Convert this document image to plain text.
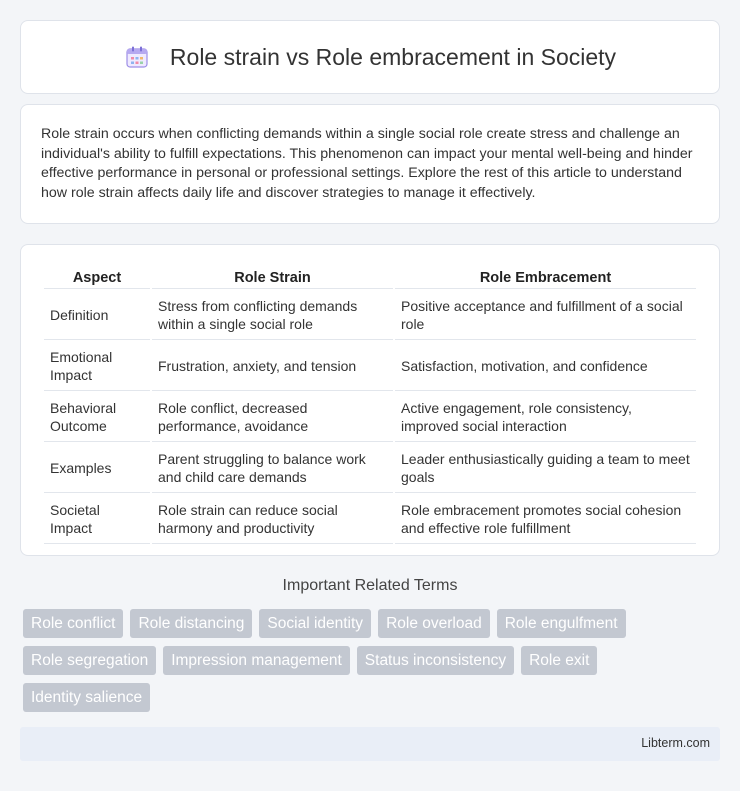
Role strain vs Role embracement in Society

Role strain occurs when conflicting demands within a single social role create stress and challenge an individual's ability to fulfill expectations. This phenomenon can impact your mental well-being and hinder effective performance in personal or professional settings. Explore the rest of this article to understand how role strain affects daily life and discover strategies to manage it effectively.

Aspect	Role Strain	Role Embracement
Definition	Stress from conflicting demands within a single social role	Positive acceptance and fulfillment of a social role
Emotional Impact	Frustration, anxiety, and tension	Satisfaction, motivation, and confidence
Behavioral Outcome	Role conflict, decreased performance, avoidance	Active engagement, role consistency, improved social interaction
Examples	Parent struggling to balance work and child care demands	Leader enthusiastically guiding a team to meet goals
Societal Impact	Role strain can reduce social harmony and productivity	Role embracement promotes social cohesion and effective role fulfillment
Important Related Terms
Role conflict	Role distancing	Social identity	Role overload	Role engulfment
Role segregation	Impression management	Status inconsistency	Role exit
Identity salience
Libterm.com
